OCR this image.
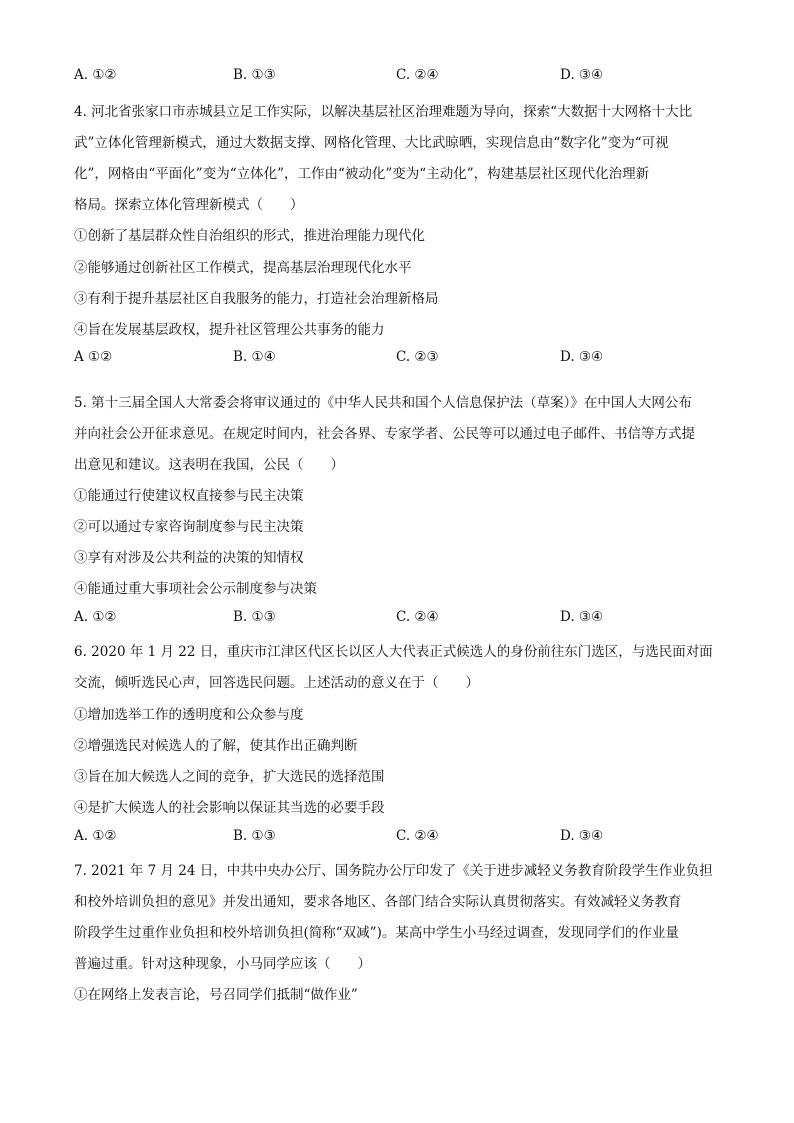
A. ①②	B. ①③	C. ②④	D. ③④
4. 河北省张家口市赤城县立足工作实际，以解决基层社区治理难题为导向，探索“大数据十大网格十大比
武”立体化管理新模式，通过大数据支撑、网格化管理、大比武晾晒，实现信息由“数字化”变为“可视
化”，网格由“平面化”变为“立体化”，工作由“被动化”变为“主动化”，构建基层社区现代化治理新
格局。探索立体化管理新模式（　　）
①创新了基层群众性自治组织的形式，推进治理能力现代化
②能够通过创新社区工作模式，提高基层治理现代化水平
③有利于提升基层社区自我服务的能力，打造社会治理新格局
④旨在发展基层政权，提升社区管理公共事务的能力
A ①②	B. ①④	C. ②③	D. ③④
5. 第十三届全国人大常委会将审议通过的《中华人民共和国个人信息保护法（草案）》在中国人大网公布
并向社会公开征求意见。在规定时间内，社会各界、专家学者、公民等可以通过电子邮件、书信等方式提
出意见和建议。这表明在我国，公民（　　）
①能通过行使建议权直接参与民主决策
②可以通过专家咨询制度参与民主决策
③享有对涉及公共利益的决策的知情权
④能通过重大事项社会公示制度参与决策
A. ①②	B. ①③	C. ②④	D. ③④
6. 2020 年 1 月 22 日，重庆市江津区代区长以区人大代表正式候选人的身份前往东门选区，与选民面对面
交流，倾听选民心声，回答选民问题。上述活动的意义在于（　　）
①增加选举工作的透明度和公众参与度
②增强选民对候选人的了解，使其作出正确判断
③旨在加大候选人之间的竞争，扩大选民的选择范围
④是扩大候选人的社会影响以保证其当选的必要手段
A. ①②	B. ①③	C. ②④	D. ③④
7. 2021 年 7 月 24 日，中共中央办公厅、国务院办公厅印发了《关于进步减轻义务教育阶段学生作业负担
和校外培训负担的意见》并发出通知，要求各地区、各部门结合实际认真贯彻落实。有效减轻义务教育
阶段学生过重作业负担和校外培训负担(简称“双减”)。某高中学生小马经过调查，发现同学们的作业量
普遍过重。针对这种现象，小马同学应该（　　）
①在网络上发表言论，号召同学们抵制“做作业”
